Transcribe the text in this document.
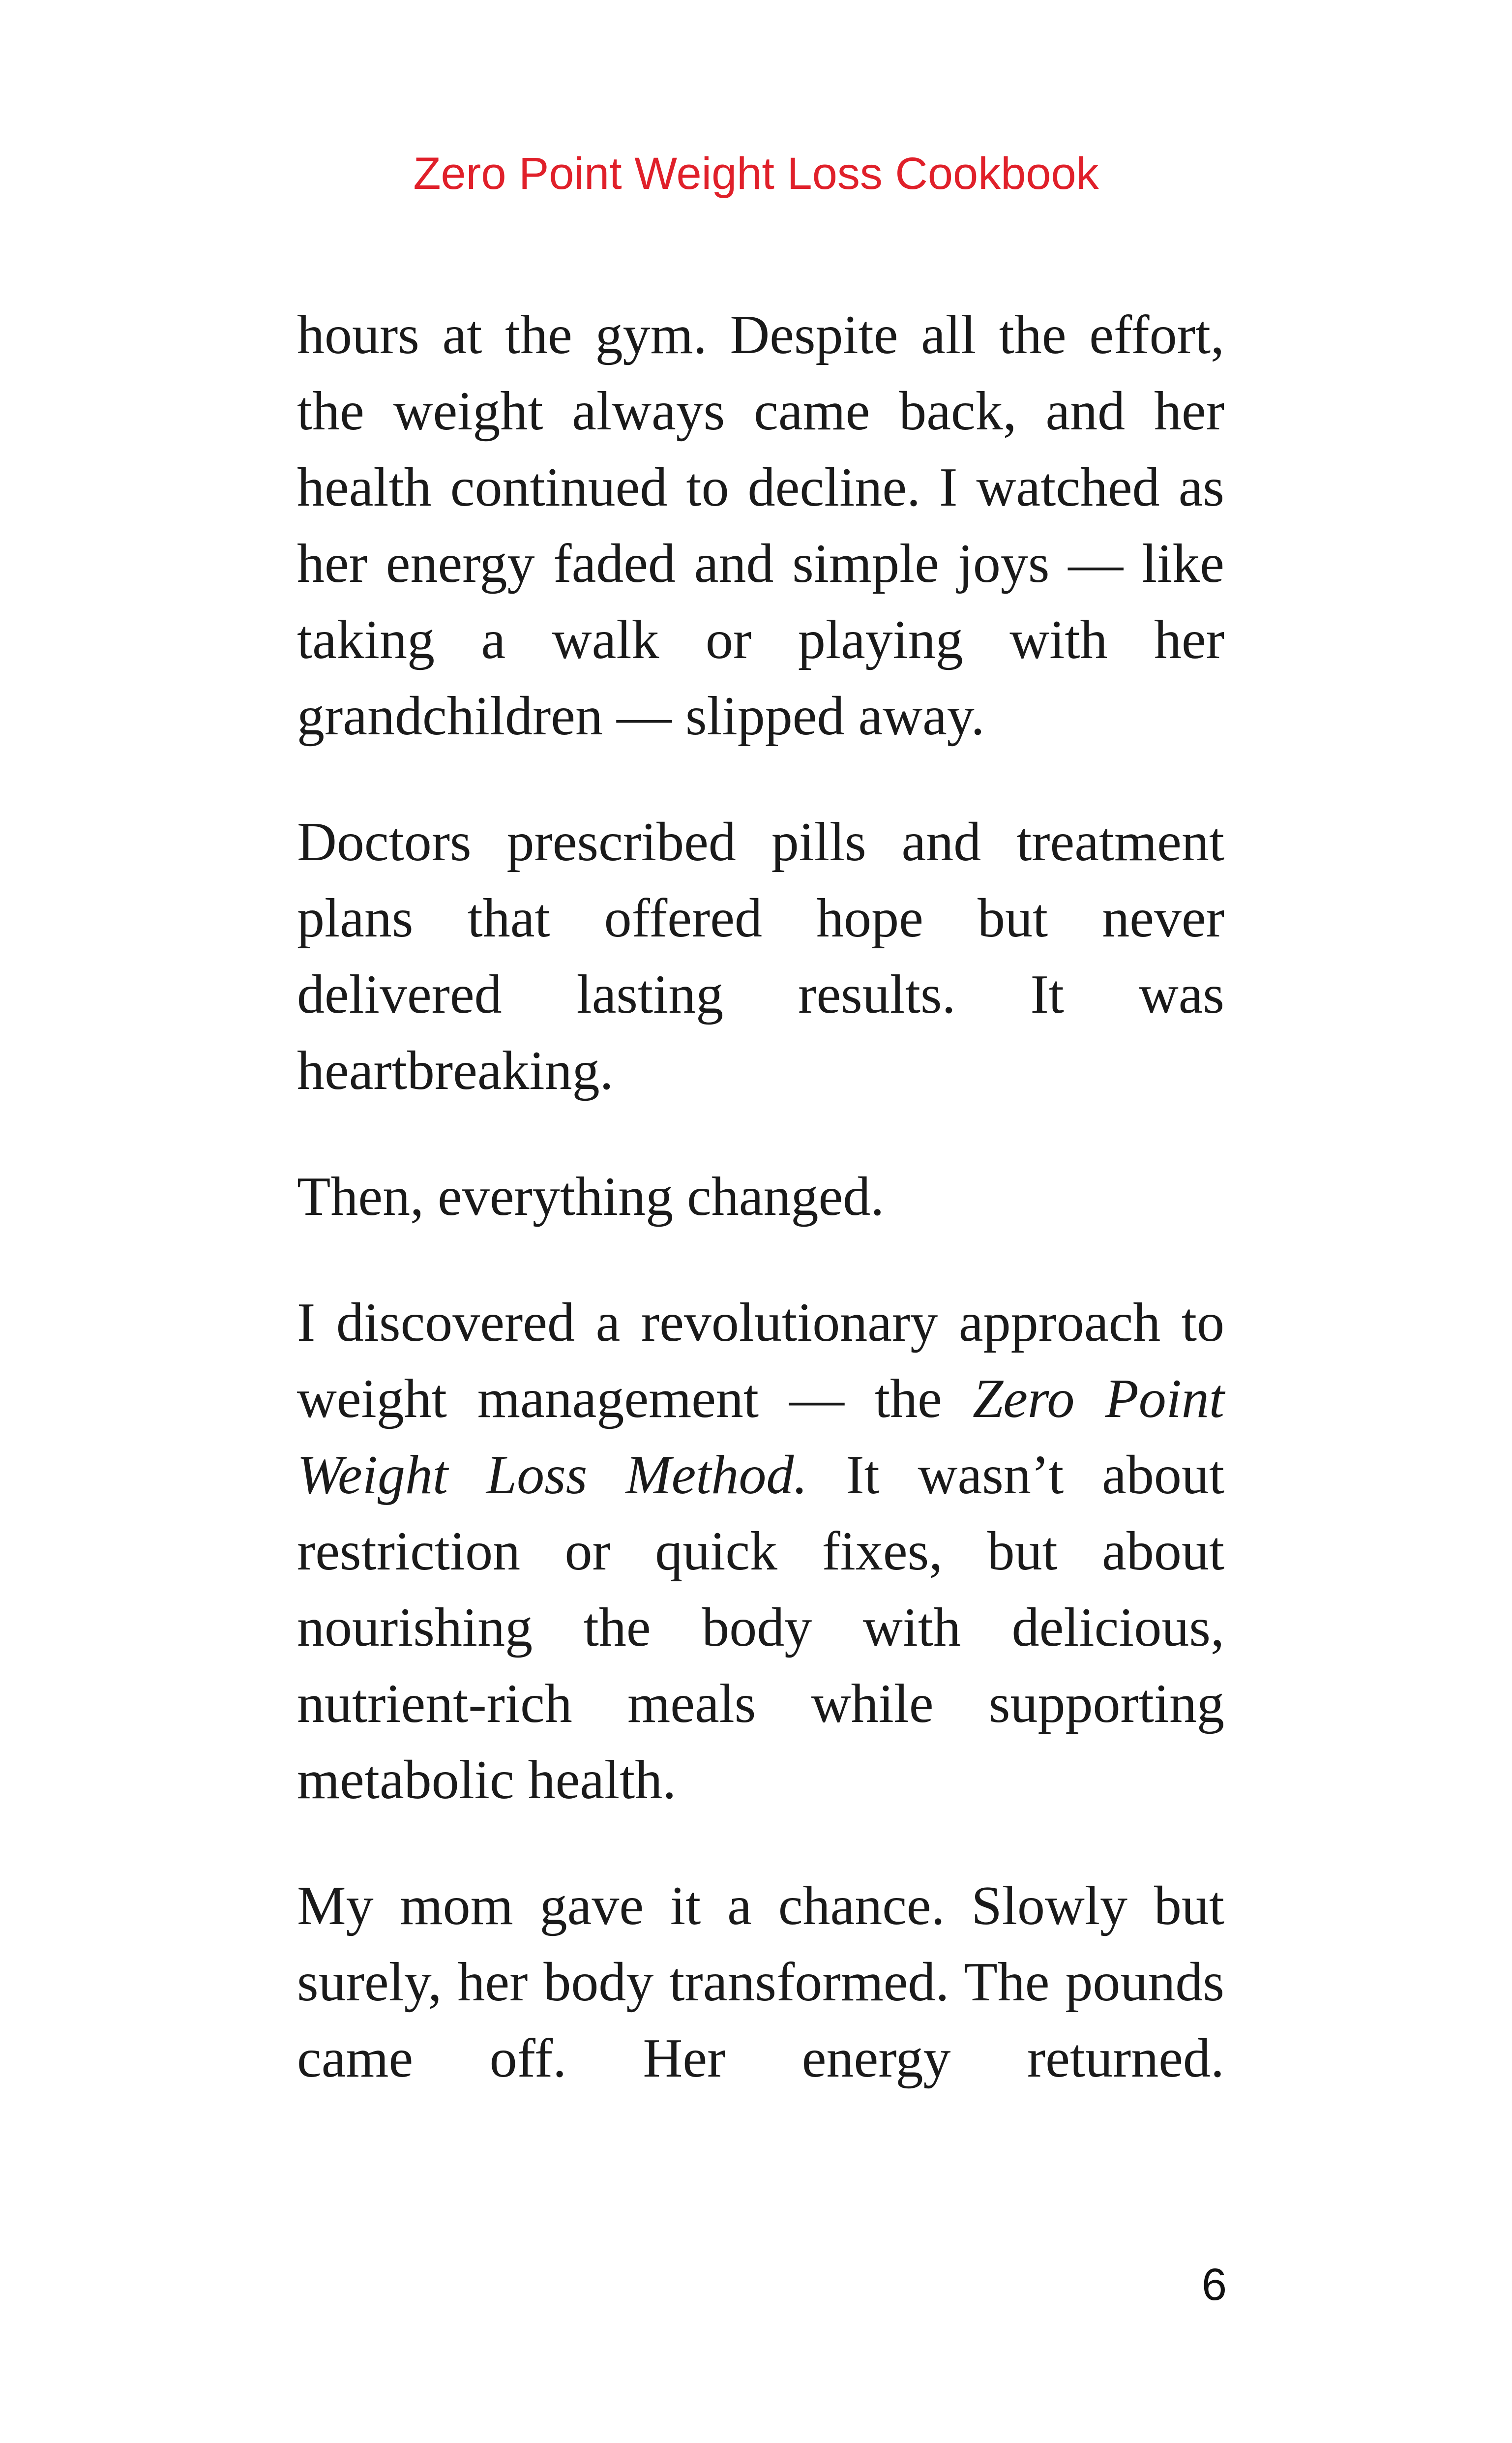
Zero Point Weight Loss Cookbook

hours at the gym. Despite all the effort, the weight always came back, and her health continued to decline. I watched as her energy faded and simple joys — like taking a walk or playing with her grandchildren — slipped away.

Doctors prescribed pills and treatment plans that offered hope but never delivered lasting results. It was heartbreaking.

Then, everything changed.

I discovered a revolutionary approach to weight management — the Zero Point Weight Loss Method. It wasn’t about restriction or quick fixes, but about nourishing the body with delicious, nutrient-rich meals while supporting metabolic health.

My mom gave it a chance. Slowly but surely, her body transformed. The pounds came off. Her energy returned.

6
